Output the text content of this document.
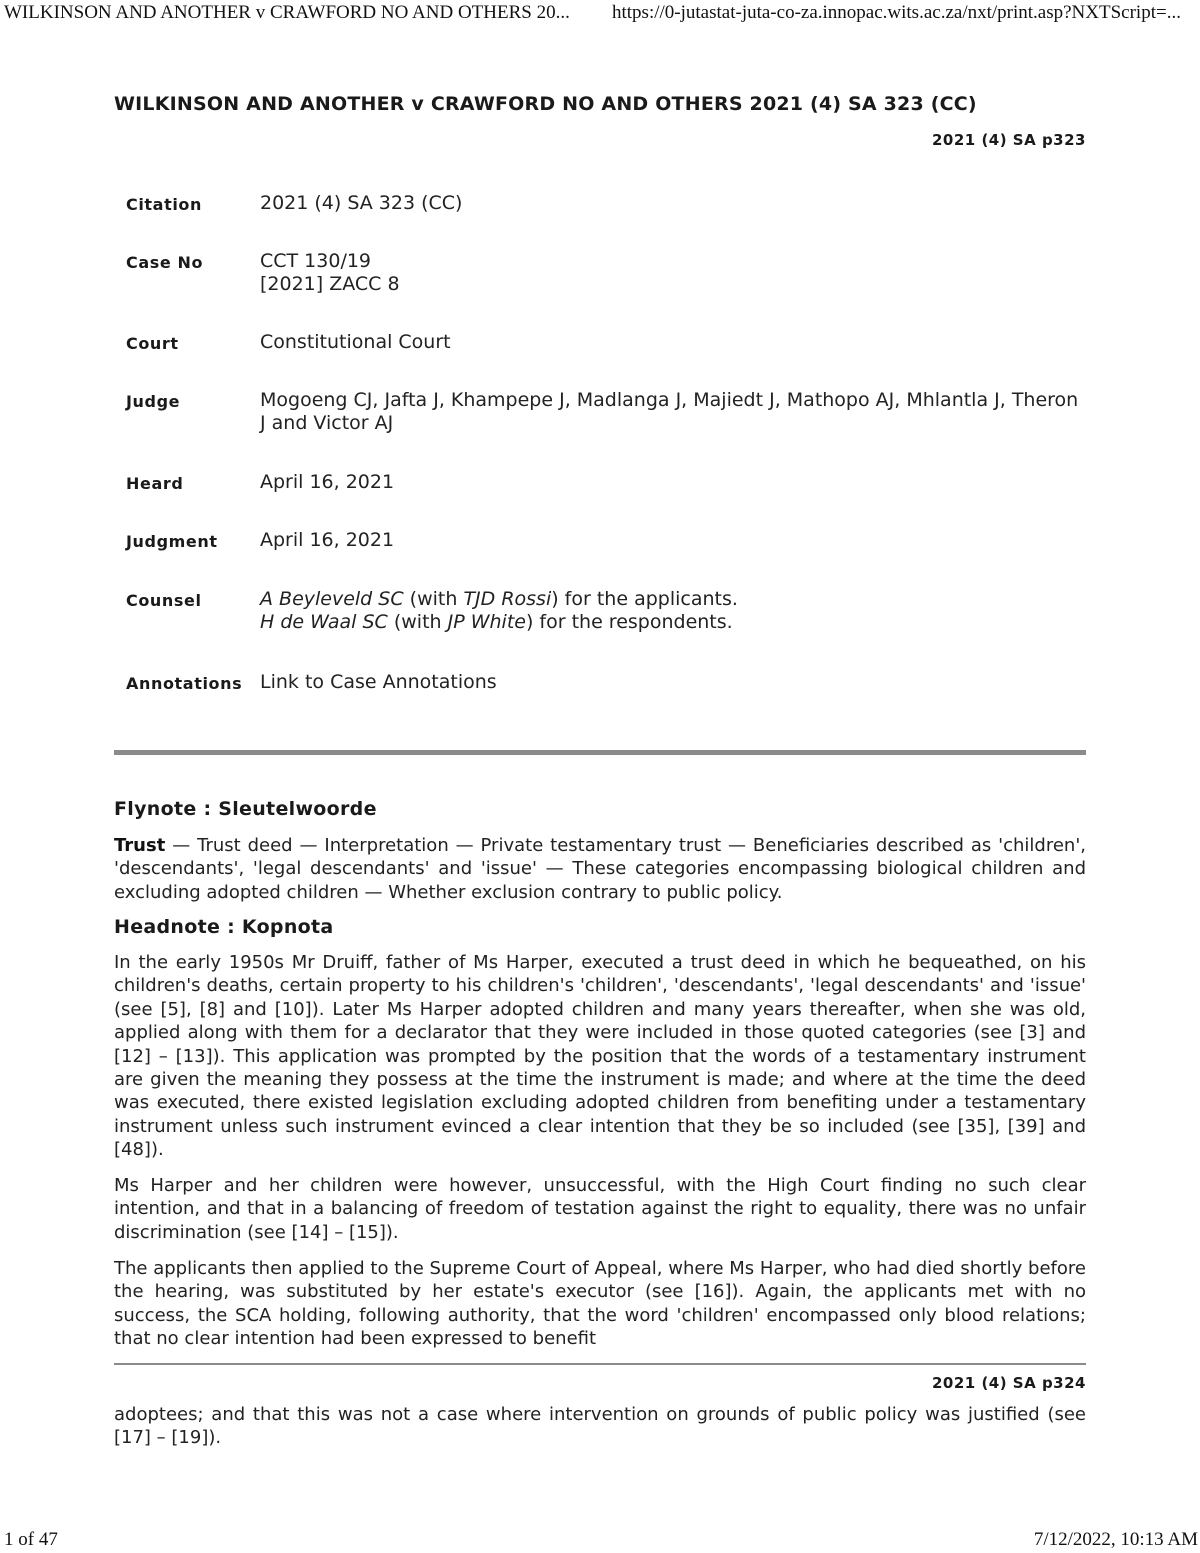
WILKINSON AND ANOTHER v CRAWFORD NO AND OTHERS 20... https://0-jutastat-juta-co-za.innopac.wits.ac.za/nxt/print.asp?NXTScript=...
WILKINSON AND ANOTHER v CRAWFORD NO AND OTHERS 2021 (4) SA 323 (CC)
2021 (4) SA p323
Citation	2021 (4) SA 323 (CC)
Case No	CCT 130/19
[2021] ZACC 8
Court	Constitutional Court
Judge	Mogoeng CJ, Jafta J, Khampepe J, Madlanga J, Majiedt J, Mathopo AJ, Mhlantla J, Theron J and Victor AJ
Heard	April 16, 2021
Judgment April 16, 2021
Counsel	A Beyleveld SC (with TJD Rossi) for the applicants.
H de Waal SC (with JP White) for the respondents.
Annotations Link to Case Annotations
Flynote : Sleutelwoorde
Trust — Trust deed — Interpretation — Private testamentary trust — Beneficiaries described as 'children', 'descendants', 'legal descendants' and 'issue' — These categories encompassing biological children and excluding adopted children — Whether exclusion contrary to public policy.
Headnote : Kopnota
In the early 1950s Mr Druiff, father of Ms Harper, executed a trust deed in which he bequeathed, on his children's deaths, certain property to his children's 'children', 'descendants', 'legal descendants' and 'issue' (see [5], [8] and [10]). Later Ms Harper adopted children and many years thereafter, when she was old, applied along with them for a declarator that they were included in those quoted categories (see [3] and [12] – [13]). This application was prompted by the position that the words of a testamentary instrument are given the meaning they possess at the time the instrument is made; and where at the time the deed was executed, there existed legislation excluding adopted children from benefiting under a testamentary instrument unless such instrument evinced a clear intention that they be so included (see [35], [39] and [48]).
Ms Harper and her children were however, unsuccessful, with the High Court finding no such clear intention, and that in a balancing of freedom of testation against the right to equality, there was no unfair discrimination (see [14] – [15]).
The applicants then applied to the Supreme Court of Appeal, where Ms Harper, who had died shortly before the hearing, was substituted by her estate's executor (see [16]). Again, the applicants met with no success, the SCA holding, following authority, that the word 'children' encompassed only blood relations; that no clear intention had been expressed to benefit
2021 (4) SA p324
adoptees; and that this was not a case where intervention on grounds of public policy was justified (see [17] – [19]).
1 of 47	7/12/2022, 10:13 AM
